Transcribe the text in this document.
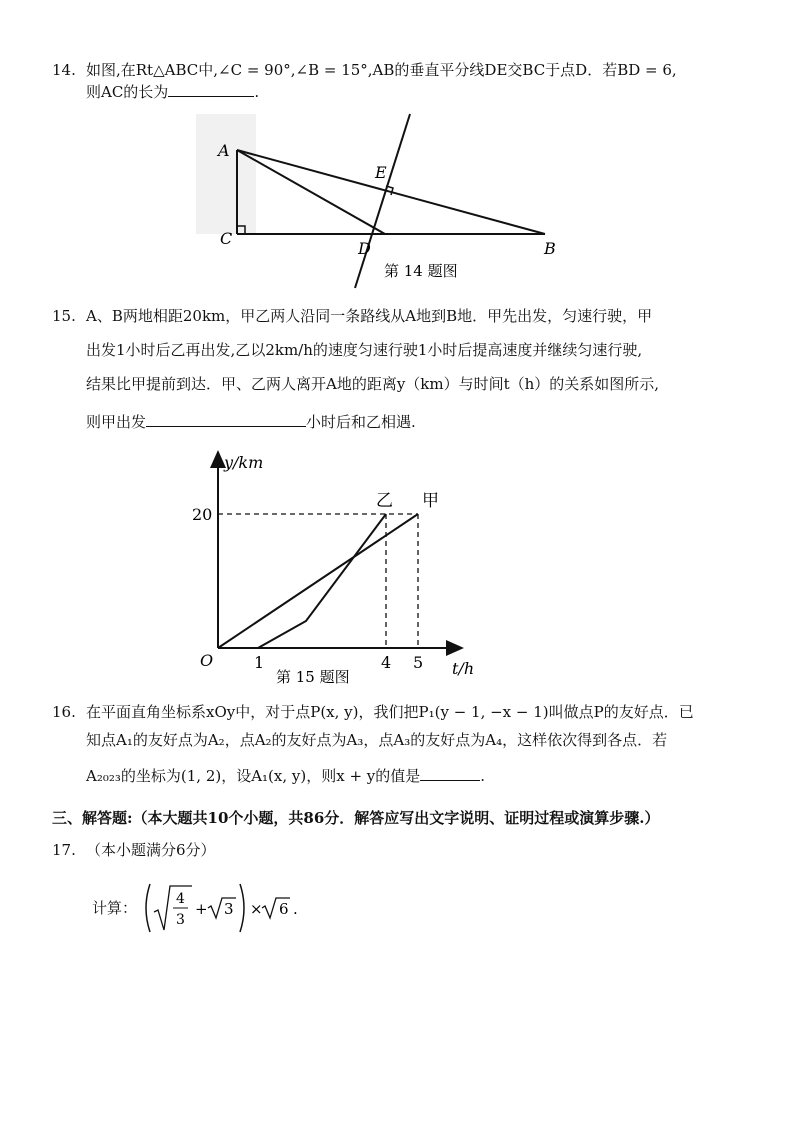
14. 如图,在Rt△ABC中,∠C = 90°,∠B = 15°,AB的垂直平分线DE交BC于点D．若BD = 6,
则AC的长为	.
A
C
E
D	B
第 14 题图
15. A、B两地相距20km，甲乙两人沿同一条路线从A地到B地．甲先出发，匀速行驶，甲
出发1小时后乙再出发,乙以2km/h的速度匀速行驶1小时后提高速度并继续匀速行驶,
结果比甲提前到达．甲、乙两人离开A地的距离y（km）与时间t（h）的关系如图所示,
则甲出发	小时后和乙相遇.
y/km
t/h
O
20
1	4 5
乙 甲
第 15 题图
16. 在平面直角坐标系xOy中，对于点P(x, y)，我们把P₁(y − 1, −x − 1)叫做点P的友好点．已
知点A₁的友好点为A₂，点A₂的友好点为A₃，点A₃的友好点为A₄，这样依次得到各点．若
A₂₀₂₃的坐标为(1, 2)，设A₁(x, y)，则x + y的值是	.
三、解答题:（本大题共10个小题，共86分．解答应写出文字说明、证明过程或演算步骤.）
17. （本小题满分6分）
计算：	4
3
+ 3 × 6 .
